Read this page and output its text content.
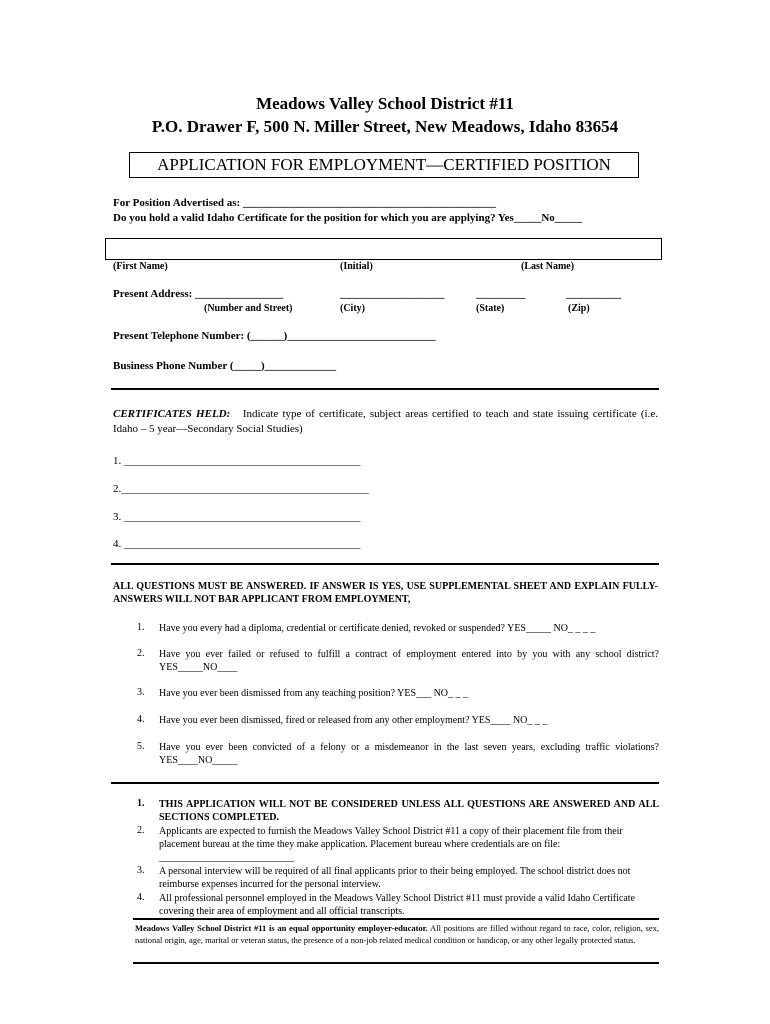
Meadows Valley School District #11
P.O. Drawer F, 500 N. Miller Street, New Meadows, Idaho 83654
APPLICATION FOR EMPLOYMENT—CERTIFIED POSITION
For Position Advertised as: ______________________________________________
Do you hold a valid Idaho Certificate for the position for which you are applying? Yes_____No_____
(First Name)	(Initial)	(Last Name)
Present Address: ________________	___________________	_________	__________
(Number and Street)	(City)	(State)	(Zip)
Present Telephone Number: (______)___________________________
Business Phone Number (_____)_____________
CERTIFICATES HELD: Indicate type of certificate, subject areas certified to teach and state issuing certificate (i.e. Idaho – 5 year—Secondary Social Studies)
1. ___________________________________________
2._____________________________________________
3. ___________________________________________
4. ___________________________________________
ALL QUESTIONS MUST BE ANSWERED. IF ANSWER IS YES, USE SUPPLEMENTAL SHEET AND EXPLAIN FULLY-ANSWERS WILL NOT BAR APPLICANT FROM EMPLOYMENT,
1. Have you every had a diploma, credential or certificate denied, revoked or suspended? YES_____ NO_ _ _ _
2. Have you ever failed or refused to fulfill a contract of employment entered into by you with any school district? YES_____NO____
3. Have you ever been dismissed from any teaching position? YES___ NO_ _ _
4. Have you ever been dismissed, fired or released from any other employment? YES____ NO_ _ _
5. Have you ever been convicted of a felony or a misdemeanor in the last seven years, excluding traffic violations? YES____NO_____
1. THIS APPLICATION WILL NOT BE CONSIDERED UNLESS ALL QUESTIONS ARE ANSWERED AND ALL SECTIONS COMPLETED.
2. Applicants are expected to furnish the Meadows Valley School District #11 a copy of their placement file from their placement bureau at the time they make application. Placement bureau where credentials are on file: ___________________________
3. A personal interview will be required of all final applicants prior to their being employed. The school district does not reimburse expenses incurred for the personal interview.
4. All professional personnel employed in the Meadows Valley School District #11 must provide a valid Idaho Certificate covering their area of employment and all official transcripts.
Meadows Valley School District #11 is an equal opportunity employer-educator. All positions are filled without regard to race, color, religion, sex, national origin, age, marital or veteran status, the presence of a non-job related medical condition or handicap, or any other legally protected status.
